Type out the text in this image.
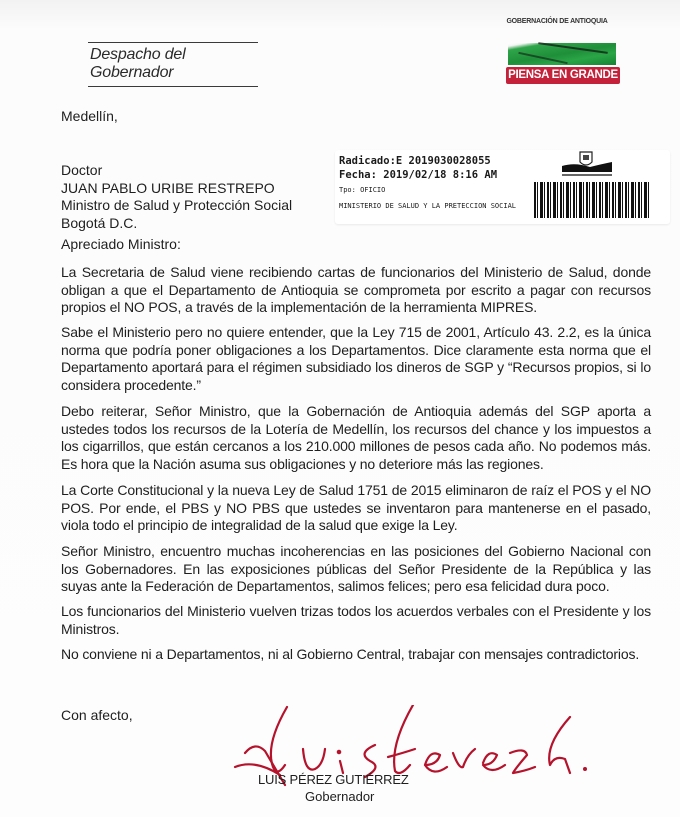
Despacho del Gobernador
GOBERNACIÓN DE ANTIOQUIA
PIENSA EN GRANDE
Medellín,
Doctor
JUAN PABLO URIBE RESTREPO
Ministro de Salud y Protección Social
Bogotá D.C.
Radicado:E 2019030028055
Fecha: 2019/02/18 8:16 AM
Tpo: OFICIO
MINISTERIO DE SALUD Y LA PRETECCION SOCIAL
Apreciado Ministro:
La Secretaria de Salud viene recibiendo cartas de funcionarios del Ministerio de Salud, donde obligan a que el Departamento de Antioquia se comprometa por escrito a pagar con recursos propios el NO POS, a través de la implementación de la herramienta MIPRES.
Sabe el Ministerio pero no quiere entender, que la Ley 715 de 2001, Artículo 43. 2.2, es la única norma que podría poner obligaciones a los Departamentos. Dice claramente esta norma que el Departamento aportará para el régimen subsidiado los dineros de SGP y “Recursos propios, si lo considera procedente.”
Debo reiterar, Señor Ministro, que la Gobernación de Antioquia además del SGP aporta a ustedes todos los recursos de la Lotería de Medellín, los recursos del chance y los impuestos a los cigarrillos, que están cercanos a los 210.000 millones de pesos cada año. No podemos más. Es hora que la Nación asuma sus obligaciones y no deteriore más las regiones.
La Corte Constitucional y la nueva Ley de Salud 1751 de 2015 eliminaron de raíz el POS y el NO POS. Por ende, el PBS y NO PBS que ustedes se inventaron para mantenerse en el pasado, viola todo el principio de integralidad de la salud que exige la Ley.
Señor Ministro, encuentro muchas incoherencias en las posiciones del Gobierno Nacional con los Gobernadores. En las exposiciones públicas del Señor Presidente de la República y las suyas ante la Federación de Departamentos, salimos felices; pero esa felicidad dura poco.
Los funcionarios del Ministerio vuelven trizas todos los acuerdos verbales con el Presidente y los Ministros.
No conviene ni a Departamentos, ni al Gobierno Central, trabajar con mensajes contradictorios.
Con afecto,
LUIS PÉREZ GUTIÉRREZ
Gobernador
